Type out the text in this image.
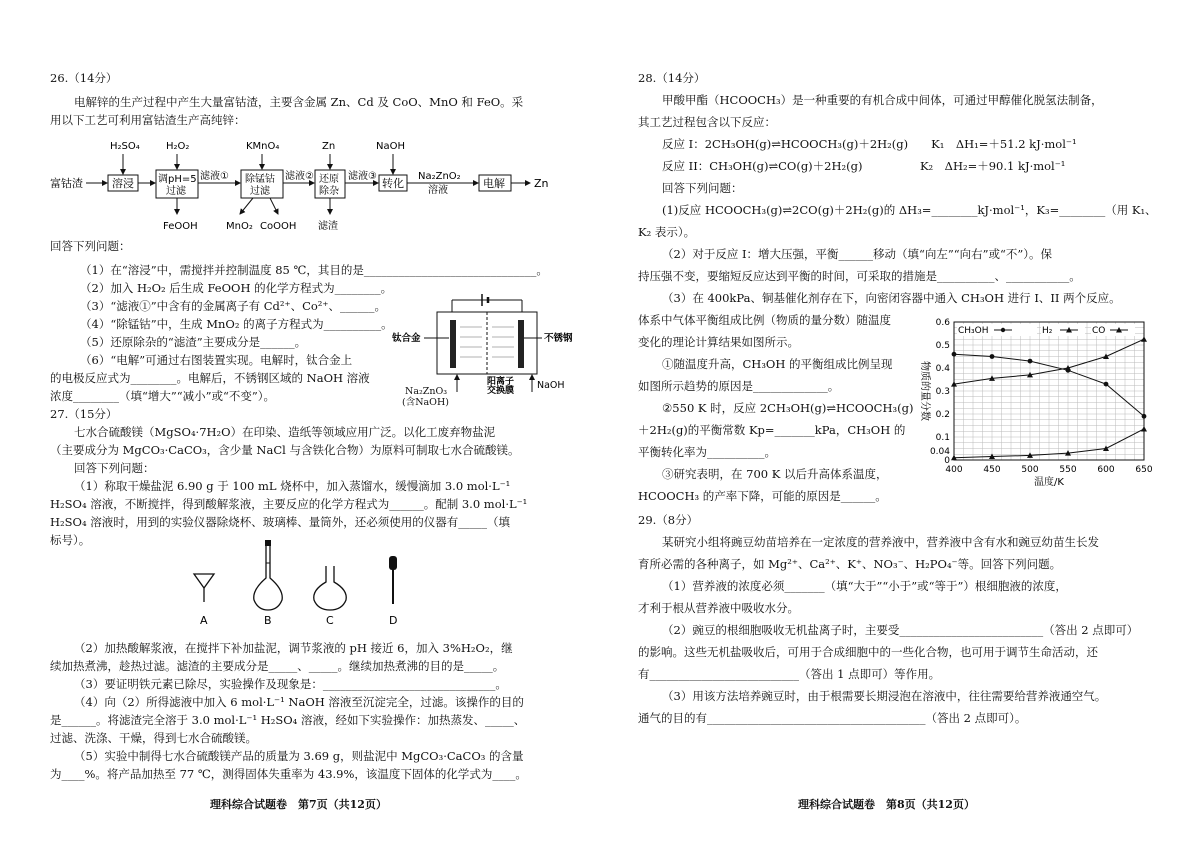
26.（14分）
电解锌的生产过程中产生大量富钴渣，主要含金属 Zn、Cd 及 CoO、MnO 和 FeO。采
用以下工艺可利用富钴渣生产高纯锌：
富钴渣	溶浸
H₂SO₄
调pH=5
过滤
H₂O₂
FeOOH
滤液① 除锰钴
过滤
KMnO₄
MnO₂ CoOOH
滤液② 还原
除杂
Zn
滤渣
滤液③
转化
NaOH
Na₂ZnO₂
溶液
电解	Zn
回答下列问题：
（1）在“溶浸”中，需搅拌并控制温度 85 ℃，其目的是______________________________。
（2）加入 H₂O₂ 后生成 FeOOH 的化学方程式为________。
（3）“滤液①”中含有的金属离子有 Cd²⁺、Co²⁺、______。
（4）“除锰钴”中，生成 MnO₂ 的离子方程式为__________。
（5）还原除杂的“滤渣”主要成分是______。
（6）“电解”可通过右图装置实现。电解时，钛合金上
的电极反应式为________。电解后，不锈钢区域的 NaOH 溶液
浓度________（填“增大”“减小”或“不变”）。
钛合金	不锈钢
阳离子
交换膜 NaOH
Na₂ZnO₃
(含NaOH)
27.（15分）
七水合硫酸镁（MgSO₄·7H₂O）在印染、造纸等领域应用广泛。以化工废弃物盐泥
（主要成分为 MgCO₃·CaCO₃，含少量 NaCl 与含铁化合物）为原料可制取七水合硫酸镁。
回答下列问题：
（1）称取干燥盐泥 6.90 g 于 100 mL 烧杯中，加入蒸馏水，缓慢滴加 3.0 mol·L⁻¹
H₂SO₄ 溶液，不断搅拌，得到酸解浆液，主要反应的化学方程式为______。配制 3.0 mol·L⁻¹
H₂SO₄ 溶液时，用到的实验仪器除烧杯、玻璃棒、量筒外，还必须使用的仪器有_____（填
标号）。
A	B	C	D
（2）加热酸解浆液，在搅拌下补加盐泥，调节浆液的 pH 接近 6，加入 3%H₂O₂，继
续加热煮沸，趁热过滤。滤渣的主要成分是_____、_____。继续加热煮沸的目的是_____。
（3）要证明铁元素已除尽，实验操作及现象是：______________________________。
（4）向（2）所得滤液中加入 6 mol·L⁻¹ NaOH 溶液至沉淀完全，过滤。该操作的目的
是______。将滤渣完全溶于 3.0 mol·L⁻¹ H₂SO₄ 溶液，经如下实验操作：加热蒸发、_____、
过滤、洗涤、干燥，得到七水合硫酸镁。
（5）实验中制得七水合硫酸镁产品的质量为 3.69 g，则盐泥中 MgCO₃·CaCO₃ 的含量
为____%。将产品加热至 77 ℃，测得固体失重率为 43.9%，该温度下固体的化学式为____。
理科综合试题卷　第7页（共12页）
28.（14分）
甲酸甲酯（HCOOCH₃）是一种重要的有机合成中间体，可通过甲醇催化脱氢法制备，
其工艺过程包含以下反应：
反应 I：2CH₃OH(g)⇌HCOOCH₃(g)＋2H₂(g)　　K₁　ΔH₁=＋51.2 kJ·mol⁻¹
反应 II：CH₃OH(g)⇌CO(g)＋2H₂(g)　　　　　K₂　ΔH₂=＋90.1 kJ·mol⁻¹
回答下列问题：
(1)反应 HCOOCH₃(g)⇌2CO(g)＋2H₂(g)的 ΔH₃=________kJ·mol⁻¹，K₃=________（用 K₁、
K₂ 表示）。
（2）对于反应 I：增大压强，平衡______移动（填“向左”“向右”或“不”）。保
持压强不变，要缩短反应达到平衡的时间，可采取的措施是__________、___________。
（3）在 400kPa、铜基催化剂存在下，向密闭容器中通入 CH₃OH 进行 I、II 两个反应。
体系中气体平衡组成比例（物质的量分数）随温度
变化的理论计算结果如图所示。
①随温度升高，CH₃OH 的平衡组成比例呈现
如图所示趋势的原因是_____________。
②550 K 时，反应 2CH₃OH(g)⇌HCOOCH₃(g)
＋2H₂(g)的平衡常数 Kp=_______kPa，CH₃OH 的
平衡转化率为__________。
③研究表明，在 700 K 以后升高体系温度，
HCOOCH₃ 的产率下降，可能的原因是______。
0
0.04
0.1
0.2
0.3
0.4
0.5
0.6
400 450 500 550 600 650
温度/K
物质的量分数
CH₃OH	H₂	CO
29.（8分）
某研究小组将豌豆幼苗培养在一定浓度的营养液中，营养液中含有水和豌豆幼苗生长发
育所必需的各种离子，如 Mg²⁺、Ca²⁺、K⁺、NO₃⁻、H₂PO₄⁻等。回答下列问题。
（1）营养液的浓度必须_______（填“大于”“小于”或“等于”）根细胞液的浓度，
才利于根从营养液中吸收水分。
（2）豌豆的根细胞吸收无机盐离子时，主要受_________________________（答出 2 点即可）
的影响。这些无机盐吸收后，可用于合成细胞中的一些化合物，也可用于调节生命活动，还
有__________________________（答出 1 点即可）等作用。
（3）用该方法培养豌豆时，由于根需要长期浸泡在溶液中，往往需要给营养液通空气。
通气的目的有______________________________________（答出 2 点即可）。
理科综合试题卷　第8页（共12页）
